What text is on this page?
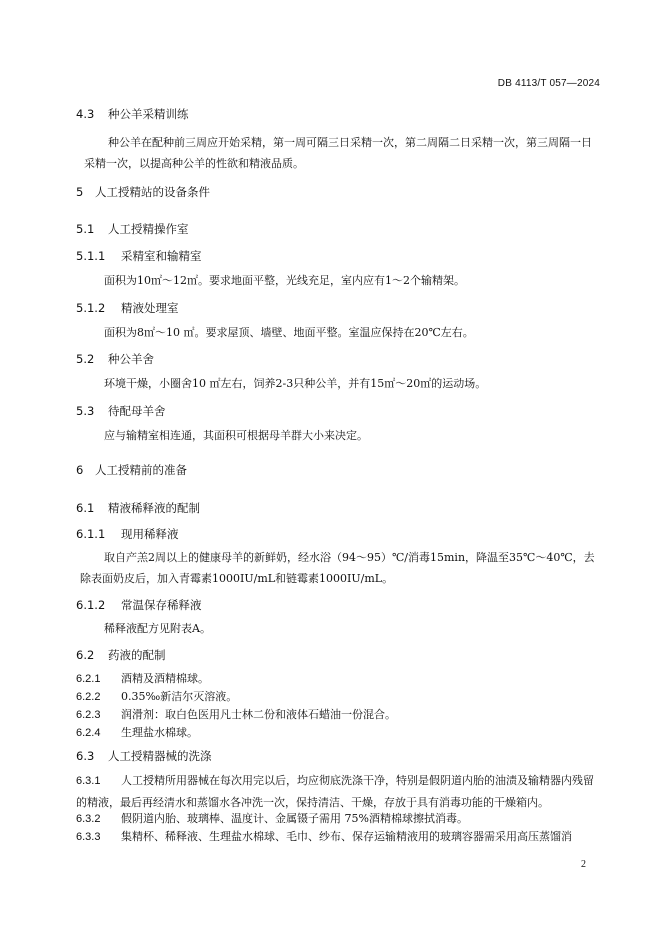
DB 4113/T 057—2024
4.3 种公羊采精训练
种公羊在配种前三周应开始采精，第一周可隔三日采精一次，第二周隔二日采精一次，第三周隔一日采精一次，以提高种公羊的性欲和精液品质。
5 人工授精站的设备条件
5.1 人工授精操作室
5.1.1 采精室和输精室
面积为10㎡～12㎡。要求地面平整，光线充足，室内应有1～2个输精架。
5.1.2 精液处理室
面积为8㎡～10 ㎡。要求屋顶、墙壁、地面平整。室温应保持在20℃左右。
5.2 种公羊舍
环境干燥，小圈舍10 ㎡左右，饲养2-3只种公羊，并有15㎡～20㎡的运动场。
5.3 待配母羊舍
应与输精室相连通，其面积可根据母羊群大小来决定。
6 人工授精前的准备
6.1 精液稀释液的配制
6.1.1 现用稀释液
取自产羔2周以上的健康母羊的新鲜奶，经水浴（94～95）℃/消毒15min，降温至35℃～40℃，去除表面奶皮后，加入青霉素1000IU/mL和链霉素1000IU/mL。
6.1.2 常温保存稀释液
稀释液配方见附表A。
6.2 药液的配制
6.2.1 酒精及酒精棉球。
6.2.2 0.35‰新洁尔灭溶液。
6.2.3 润滑剂：取白色医用凡士林二份和液体石蜡油一份混合。
6.2.4 生理盐水棉球。
6.3 人工授精器械的洗涤
6.3.1 人工授精所用器械在每次用完以后，均应彻底洗涤干净，特别是假阴道内胎的油渍及输精器内残留的精液，最后再经清水和蒸馏水各冲洗一次，保持清洁、干燥，存放于具有消毒功能的干燥箱内。
6.3.2 假阴道内胎、玻璃棒、温度计、金属镊子需用 75%酒精棉球擦拭消毒。
6.3.3 集精杯、稀释液、生理盐水棉球、毛巾、纱布、保存运输精液用的玻璃容器需采用高压蒸馏消
2
